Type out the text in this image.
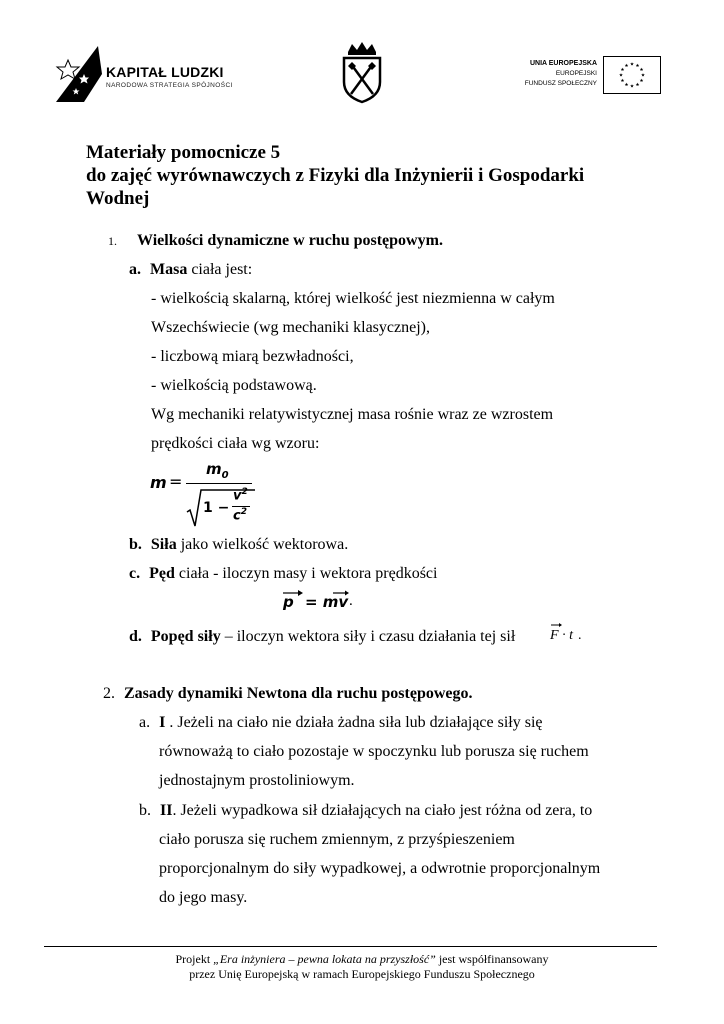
KAPITAŁ LUDZKI
NARODOWA STRATEGIA SPÓJNOŚCI
UNIA EUROPEJSKA
EUROPEJSKI
FUNDUSZ SPOŁECZNY
Materiały pomocnicze 5
do zajęć wyrównawczych z Fizyki dla Inżynierii i Gospodarki
Wodnej
1. Wielkości dynamiczne w ruchu postępowym.
a. Masa ciała jest:
- wielkością skalarną, której wielkość jest niezmienna w całym
Wszechświecie (wg mechaniki klasycznej),
- liczbową miarą bezwładności,
- wielkością podstawową.
Wg mechaniki relatywistycznej masa rośnie wraz ze wzrostem
prędkości ciała wg wzoru:
m =
$m_0$
1 −
$v^2$
$c^2$
b. Siła jako wielkość wektorowa.
c. Pęd ciała - iloczyn masy i wektora prędkości
p = mv .
d. Popęd siły – iloczyn wektora siły i czasu działania tej sił F · t .
2. Zasady dynamiki Newtona dla ruchu postępowego.
a. I . Jeżeli na ciało nie działa żadna siła lub działające siły się
równoważą to ciało pozostaje w spoczynku lub porusza się ruchem
jednostajnym prostoliniowym.
b. II. Jeżeli wypadkowa sił działających na ciało jest różna od zera, to
ciało porusza się ruchem zmiennym, z przyśpieszeniem
proporcjonalnym do siły wypadkowej, a odwrotnie proporcjonalnym
do jego masy.
Projekt „Era inżyniera – pewna lokata na przyszłość” jest współfinansowany
przez Unię Europejską w ramach Europejskiego Funduszu Społecznego
